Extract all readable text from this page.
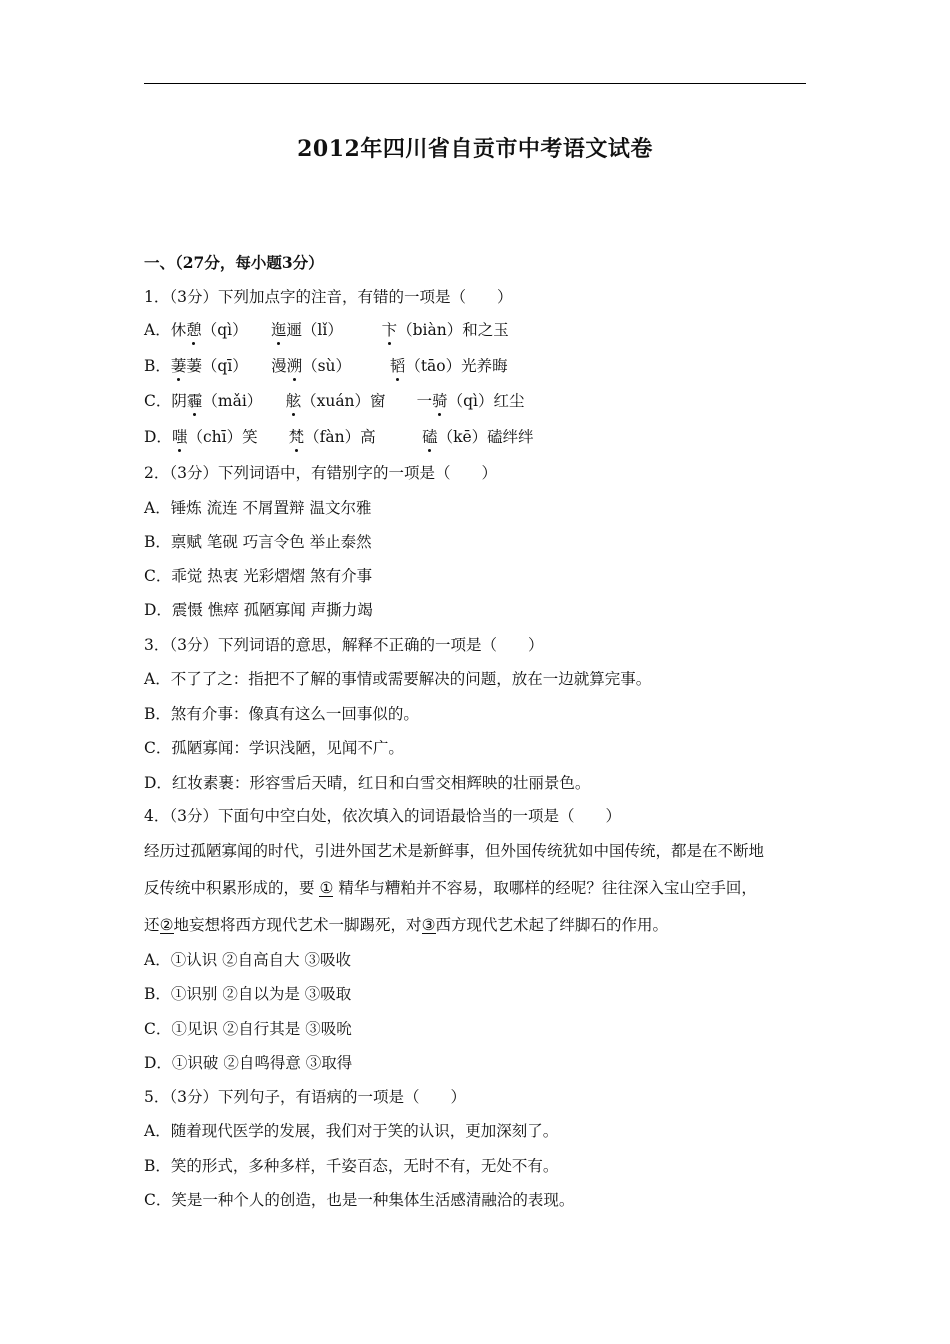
2012年四川省自贡市中考语文试卷
一、（27分，每小题3分）
1．（3分）下列加点字的注音，有错的一项是（　　）
A．休憩（qì）　　 迤逦（lǐ）　　　	卞（biàn）和之玉
B．萋萋（qī）　　 漫溯（sù）　　　	韬（tāo）光养晦
C．阴霾（mǎi）　　 舷（xuán）窗　　 一骑（qì）红尘
D．嗤（chī）笑　　 梵（fàn）高　　　	磕（kē）磕绊绊
2．（3分）下列词语中，有错别字的一项是（　　）
A．锤炼 流连 不屑置辩 温文尔雅
B．禀赋 笔砚 巧言令色 举止泰然
C．乖觉 热衷 光彩熠熠 煞有介事
D．震慑 憔瘁 孤陋寡闻 声撕力竭
3．（3分）下列词语的意思，解释不正确的一项是（　　）
A．不了了之：指把不了解的事情或需要解决的问题，放在一边就算完事。
B．煞有介事：像真有这么一回事似的。
C．孤陋寡闻：学识浅陋，见闻不广。
D．红妆素裹：形容雪后天晴，红日和白雪交相辉映的壮丽景色。
4．（3分）下面句中空白处，依次填入的词语最恰当的一项是（　　）
经历过孤陋寡闻的时代，引进外国艺术是新鲜事，但外国传统犹如中国传统，都是在不断地
反传统中积累形成的，要 ① 精华与糟粕并不容易，取哪样的经呢？往往深入宝山空手回，
还②地妄想将西方现代艺术一脚踢死，对③西方现代艺术起了绊脚石的作用。
A．①认识 ②自高自大 ③吸收
B．①识别 ②自以为是 ③吸取
C．①见识 ②自行其是 ③吸吮
D．①识破 ②自鸣得意 ③取得
5．（3分）下列句子，有语病的一项是（　　）
A．随着现代医学的发展，我们对于笑的认识，更加深刻了。
B．笑的形式，多种多样，千姿百态，无时不有，无处不有。
C．笑是一种个人的创造，也是一种集体生活感清融洽的表现。
